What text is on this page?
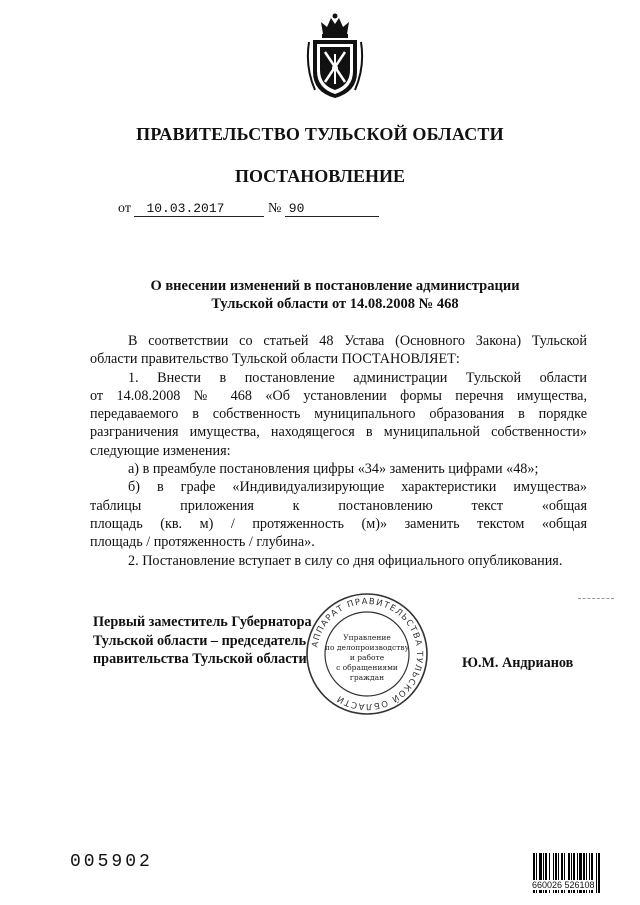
ПРАВИТЕЛЬСТВО ТУЛЬСКОЙ ОБЛАСТИ
ПОСТАНОВЛЕНИЕ
от 10.03.2017	№ 90
О внесении изменений в постановление администрации
Тульской области от 14.08.2008 № 468

В соответствии со статьей 48 Устава (Основного Закона) Тульской

области правительство Тульской области ПОСТАНОВЛЯЕТ:

1. Внести в постановление администрации Тульской области

от 14.08.2008 № 468 «Об установлении формы перечня имущества,

передаваемого в собственность муниципального образования в порядке

разграничения имущества, находящегося в муниципальной собственности»

следующие изменения:

а) в преамбуле постановления цифры «34» заменить цифрами «48»;

б) в графе «Индивидуализирующие характеристики имущества»

таблицы приложения к постановлению текст «общая

площадь (кв. м) / протяженность (м)» заменить текстом «общая

площадь / протяженность / глубина».

2. Постановление вступает в силу со дня официального опубликования.

Первый заместитель Губернатора
Тульской области – председатель
правительства Тульской области	Ю.М. Андрианов
АППАРАТ ПРАВИТЕЛЬСТВА ТУЛЬСКОЙ ОБЛАСТИ
Управление
по делопроизводству
и работе
с обращениями
граждан
005902
660026 526108
